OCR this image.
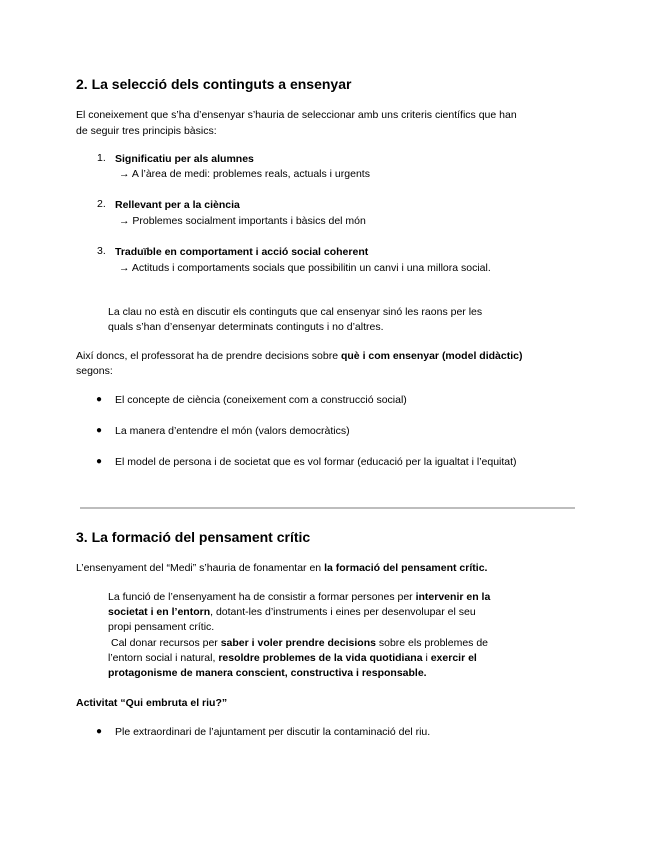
2. La selecció dels continguts a ensenyar
El coneixement que s’ha d’ensenyar s’hauria de seleccionar amb uns criteris científics que han
de seguir tres principis bàsics:
1. Significatiu per als alumnes
→ A l’àrea de medi: problemes reals, actuals i urgents
2. Rellevant per a la ciència
→ Problemes socialment importants i bàsics del món
3. Traduïble en comportament i acció social coherent
→ Actituds i comportaments socials que possibilitin un canvi i una millora social.
La clau no està en discutir els continguts que cal ensenyar sinó les raons per les
quals s’han d’ensenyar determinats continguts i no d’altres.
Així doncs, el professorat ha de prendre decisions sobre què i com ensenyar (model didàctic)
segons:
● El concepte de ciència (coneixement com a construcció social)
● La manera d’entendre el món (valors democràtics)
● El model de persona i de societat que es vol formar (educació per la igualtat i l’equitat)
3. La formació del pensament crític
L’ensenyament del “Medi” s’hauria de fonamentar en la formació del pensament crític.
La funció de l’ensenyament ha de consistir a formar persones per intervenir en la
societat i en l’entorn, dotant-les d’instruments i eines per desenvolupar el seu
propi pensament crític.
Cal donar recursos per saber i voler prendre decisions sobre els problemes de
l’entorn social i natural, resoldre problemes de la vida quotidiana i exercir el
protagonisme de manera conscient, constructiva i responsable.
Activitat “Qui embruta el riu?”
● Ple extraordinari de l’ajuntament per discutir la contaminació del riu.
